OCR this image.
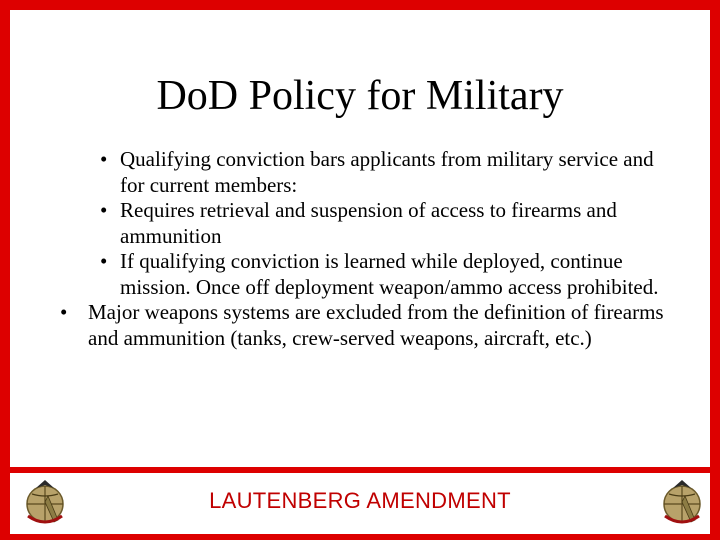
DoD Policy for Military
• Qualifying conviction bars applicants from military service and for current members:
• Requires retrieval and suspension of access to firearms and ammunition
• If qualifying conviction is learned while deployed, continue mission. Once off deployment weapon/ammo access prohibited.
• Major weapons systems are excluded from the definition of firearms and ammunition (tanks, crew-served weapons, aircraft, etc.)
LAUTENBERG AMENDMENT
